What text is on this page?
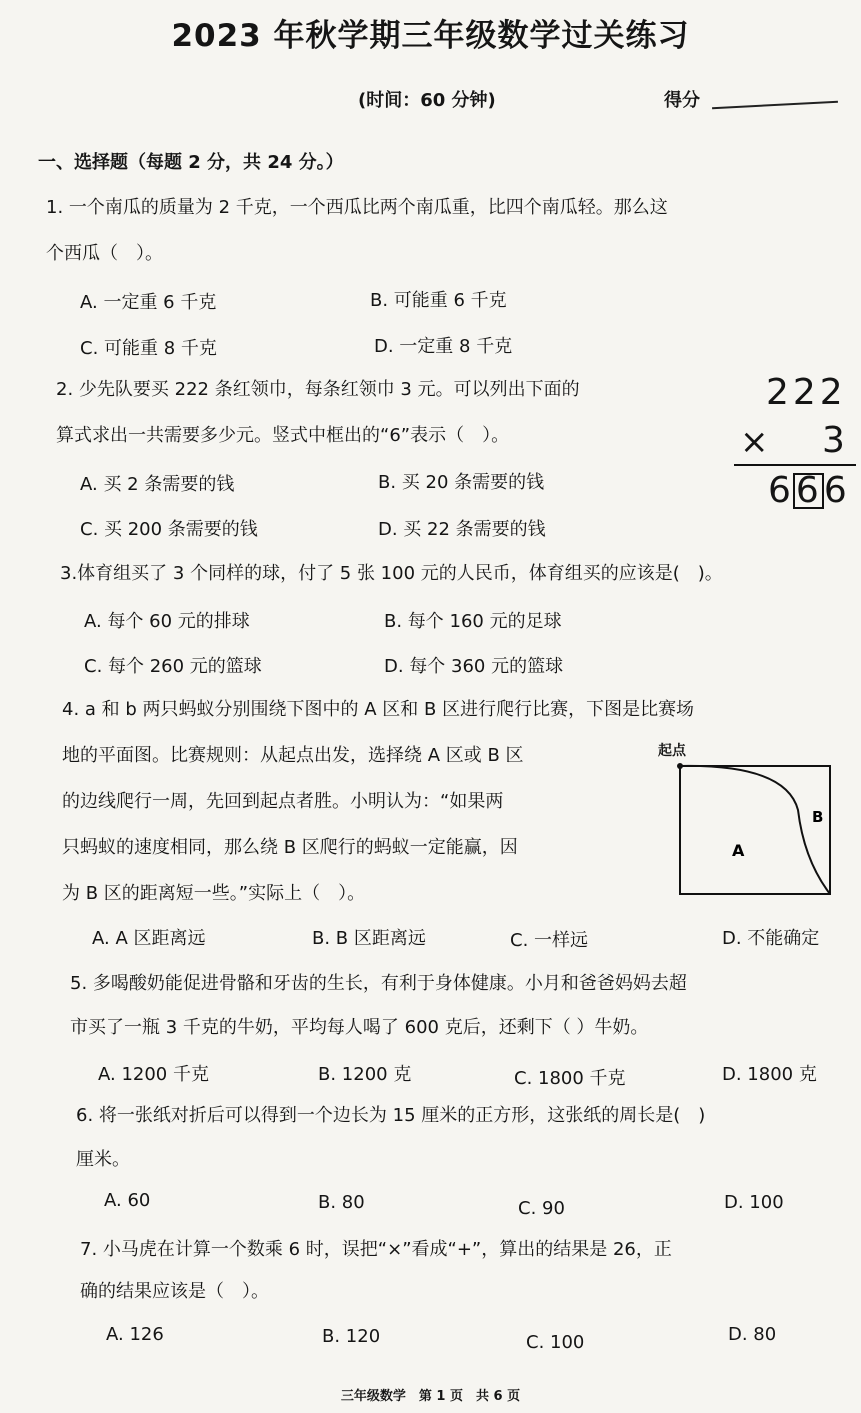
2023 年秋学期三年级数学过关练习
(时间：60 分钟)	得分
一、选择题（每题 2 分，共 24 分。）
1. 一个南瓜的质量为 2 千克，一个西瓜比两个南瓜重，比四个南瓜轻。那么这
个西瓜（　）。
A. 一定重 6 千克	B. 可能重 6 千克
C. 可能重 8 千克	D. 一定重 8 千克
2. 少先队要买 222 条红领巾，每条红领巾 3 元。可以列出下面的
算式求出一共需要多少元。竖式中框出的“6”表示（　）。
A. 买 2 条需要的钱	B. 买 20 条需要的钱
C. 买 200 条需要的钱	D. 买 22 条需要的钱
222
× 3
666
3.体育组买了 3 个同样的球，付了 5 张 100 元的人民币，体育组买的应该是(　)。
A. 每个 60 元的排球	B. 每个 160 元的足球
C. 每个 260 元的篮球	D. 每个 360 元的篮球
4. a 和 b 两只蚂蚁分别围绕下图中的 A 区和 B 区进行爬行比赛，下图是比赛场
地的平面图。比赛规则：从起点出发，选择绕 A 区或 B 区
的边线爬行一周，先回到起点者胜。小明认为：“如果两
只蚂蚁的速度相同，那么绕 B 区爬行的蚂蚁一定能赢，因
为 B 区的距离短一些。”实际上（　）。
起点
A
B
A. A 区距离远	B. B 区距离远	C. 一样远	D. 不能确定
5. 多喝酸奶能促进骨骼和牙齿的生长，有利于身体健康。小月和爸爸妈妈去超
市买了一瓶 3 千克的牛奶，平均每人喝了 600 克后，还剩下（ ）牛奶。
A. 1200 千克	B. 1200 克	C. 1800 千克	D. 1800 克
6. 将一张纸对折后可以得到一个边长为 15 厘米的正方形，这张纸的周长是(　)
厘米。
A. 60	B. 80	C. 90	D. 100
7. 小马虎在计算一个数乘 6 时，误把“×”看成“+”，算出的结果是 26，正
确的结果应该是（　）。
A. 126	B. 120	C. 100	D. 80
三年级数学　第 1 页　共 6 页
